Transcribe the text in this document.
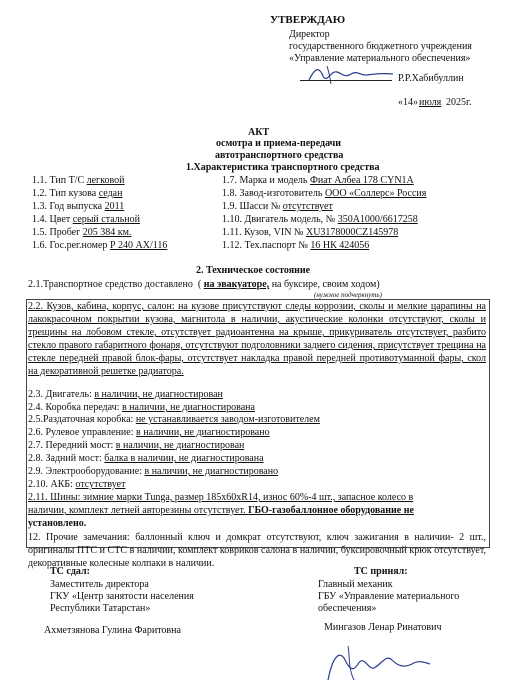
УТВЕРЖДАЮ
Директор
государственного бюджетного учреждения
«Управление материального обеспечения»
Р.Р.Хабибуллин
«14» июля 2025г.
АКТ
осмотра и приема-передачи
автотранспортного средства
1.Характеристика транспортного средства
1.1. Тип Т/С легковой
1.2. Тип кузова седан
1.3. Год выпуска 2011
1.4. Цвет серый стальной
1.5. Пробег 205 384 км.
1.6. Гос.рег.номер Р 240 АХ/116
1.7. Марка и модель Фиат Албеа 178 CYN1A
1.8. Завод-изготовитель ООО «Соллерс» Россия
1.9. Шасси № отсутствует
1.10. Двигатель модель, № 350А1000/6617258
1.11. Кузов, VIN № XU3178000CZ145978
1.12. Тех.паспорт № 16 НК 424056
2. Техническое состояние
2.1.Транспортное средство доставлено ( на эвакуаторе, на буксире, своим ходом)
(нужное подчеркнуть)
2.2. Кузов, кабина, корпус, салон: на кузове присутствуют следы коррозии, сколы и мелкие царапины на лакокрасочном покрытии кузова, магнитола в наличии, акустические колонки отсутствуют, сколы и трещины на лобовом стекле, отсутствует радиоантенна на крыше, прикуриватель отсутствует, разбито стекло правого габаритного фонаря, отсутствуют подголовники заднего сидения, присутствует трещина на стекле передней правой блок-фары, отсутствует накладка правой передней противотуманной фары, скол на декоративной решетке радиатора.
2.3. Двигатель: в наличии, не диагностирован
2.4. Коробка передач: в наличии, не диагностирована
2.5.Раздаточная коробка: не устанавливается заводом-изготовителем
2.6. Рулевое управление: в наличии, не диагностировано
2.7. Передний мост: в наличии, не диагностирован
2.8. Задний мост: балка в наличии, не диагностирована
2.9. Электрооборудование: в наличии, не диагностировано
2.10. АКБ: отсутствует
2.11. Шины: зимние марки Tunga, размер 185х60хR14, износ 60%-4 шт., запасное колесо в
наличии, комплект летней авторезины отсутствует. ГБО-газобаллонное оборудование не
установлено.
12. Прочие замечания: баллонный ключ и домкрат отсутствуют, ключ зажигания в наличии- 2 шт., оригиналы ПТС и СТС в наличии, комплект ковриков салона в наличии, буксировочный крюк отсутствует, декоративные колесные колпаки в наличии.
ТС сдал:
Заместитель директора
ГКУ «Центр занятости населения
Республики Татарстан»
Ахметзянова Гулина Фаритовна
ТС принял:
Главный механик
ГБУ «Управление материального
обеспечения»
Мингазов Ленар Ринатович
